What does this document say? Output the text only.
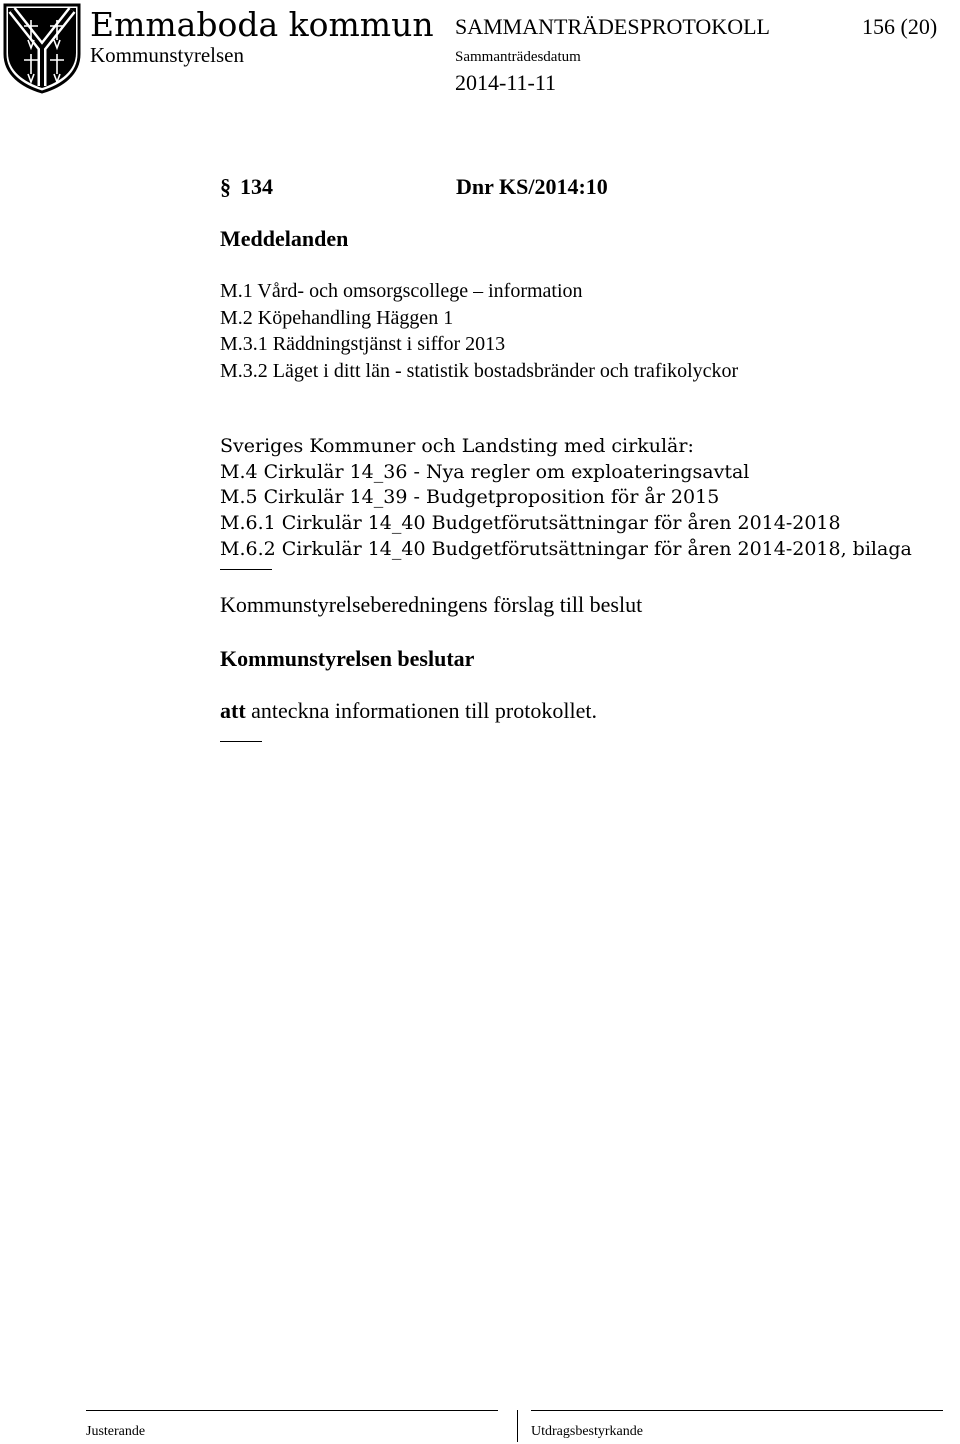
Emmaboda kommun
Kommunstyrelsen
SAMMANTRÄDESPROTOKOLL	156 (20)
Sammanträdesdatum
2014-11-11
§ 134	Dnr KS/2014:10
Meddelanden
M.1 Vård- och omsorgscollege – information
M.2 Köpehandling Häggen 1
M.3.1 Räddningstjänst i siffor 2013
M.3.2 Läget i ditt län - statistik bostadsbränder och trafikolyckor
Sveriges Kommuner och Landsting med cirkulär:
M.4 Cirkulär 14_36 - Nya regler om exploateringsavtal
M.5 Cirkulär 14_39 - Budgetproposition för år 2015
M.6.1 Cirkulär 14_40 Budgetförutsättningar för åren 2014-2018
M.6.2 Cirkulär 14_40 Budgetförutsättningar för åren 2014-2018, bilaga
Kommunstyrelseberedningens förslag till beslut
Kommunstyrelsen beslutar
att anteckna informationen till protokollet.
Justerande	Utdragsbestyrkande
